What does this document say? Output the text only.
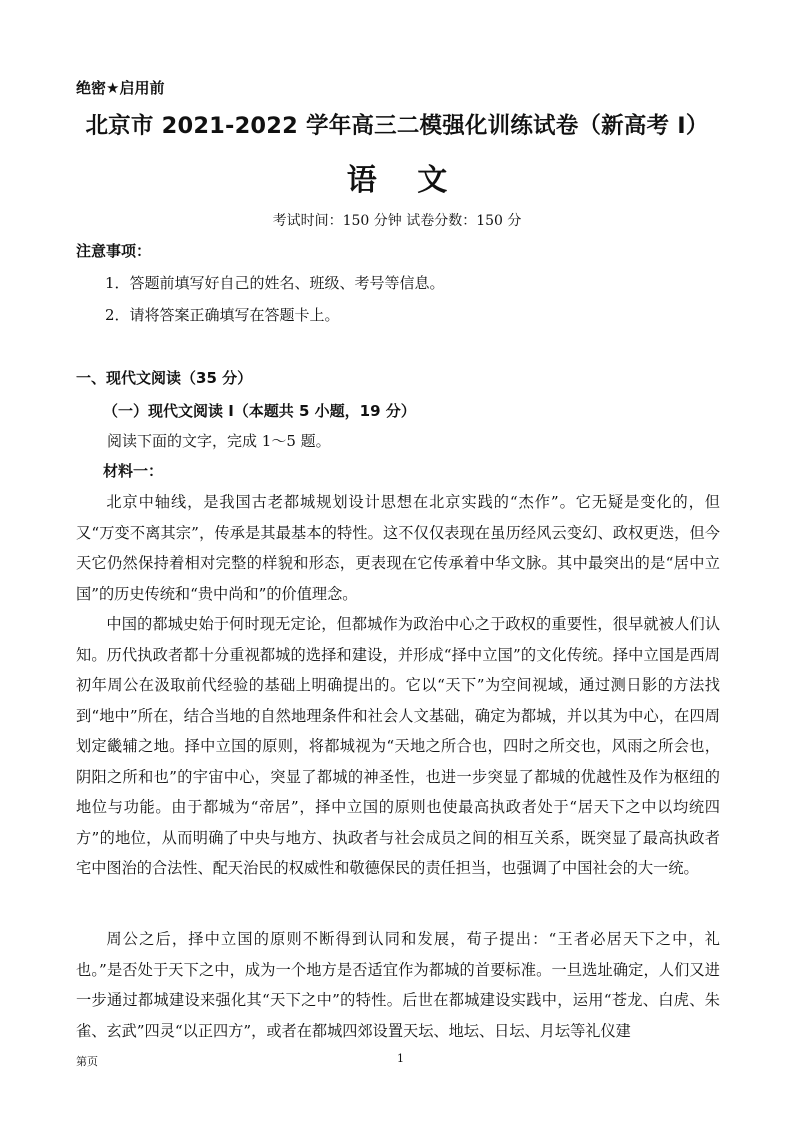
绝密★启用前
北京市 2021-2022 学年高三二模强化训练试卷（新高考 I）
语 文
考试时间：150 分钟 试卷分数：150 分
注意事项：
1．答题前填写好自己的姓名、班级、考号等信息。
2．请将答案正确填写在答题卡上。
一、现代文阅读（35 分）
（一）现代文阅读 I（本题共 5 小题，19 分）
阅读下面的文字，完成 1～5 题。
材料一：

北京中轴线，是我国古老都城规划设计思想在北京实践的“杰作”。它无疑是变化的，但又“万变不离其宗”，传承是其最基本的特性。这不仅仅表现在虽历经风云变幻、政权更迭，但今天它仍然保持着相对完整的样貌和形态，更表现在它传承着中华文脉。其中最突出的是“居中立国”的历史传统和“贵中尚和”的价值理念。

中国的都城史始于何时现无定论，但都城作为政治中心之于政权的重要性，很早就被人们认知。历代执政者都十分重视都城的选择和建设，并形成“择中立国”的文化传统。择中立国是西周初年周公在汲取前代经验的基础上明确提出的。它以“天下”为空间视域，通过测日影的方法找到“地中”所在，结合当地的自然地理条件和社会人文基础，确定为都城，并以其为中心，在四周划定畿辅之地。择中立国的原则，将都城视为“天地之所合也，四时之所交也，风雨之所会也，阴阳之所和也”的宇宙中心，突显了都城的神圣性，也进一步突显了都城的优越性及作为枢纽的地位与功能。由于都城为“帝居”，择中立国的原则也使最高执政者处于“居天下之中以均统四方”的地位，从而明确了中央与地方、执政者与社会成员之间的相互关系，既突显了最高执政者宅中图治的合法性、配天治民的权威性和敬德保民的责任担当，也强调了中国社会的大一统。

周公之后，择中立国的原则不断得到认同和发展，荀子提出：“王者必居天下之中，礼也。”是否处于天下之中，成为一个地方是否适宜作为都城的首要标准。一旦选址确定，人们又进一步通过都城建设来强化其“天下之中”的特性。后世在都城建设实践中，运用“苍龙、白虎、朱雀、玄武”四灵“以正四方”，或者在都城四郊设置天坛、地坛、日坛、月坛等礼仪建

第页	1
